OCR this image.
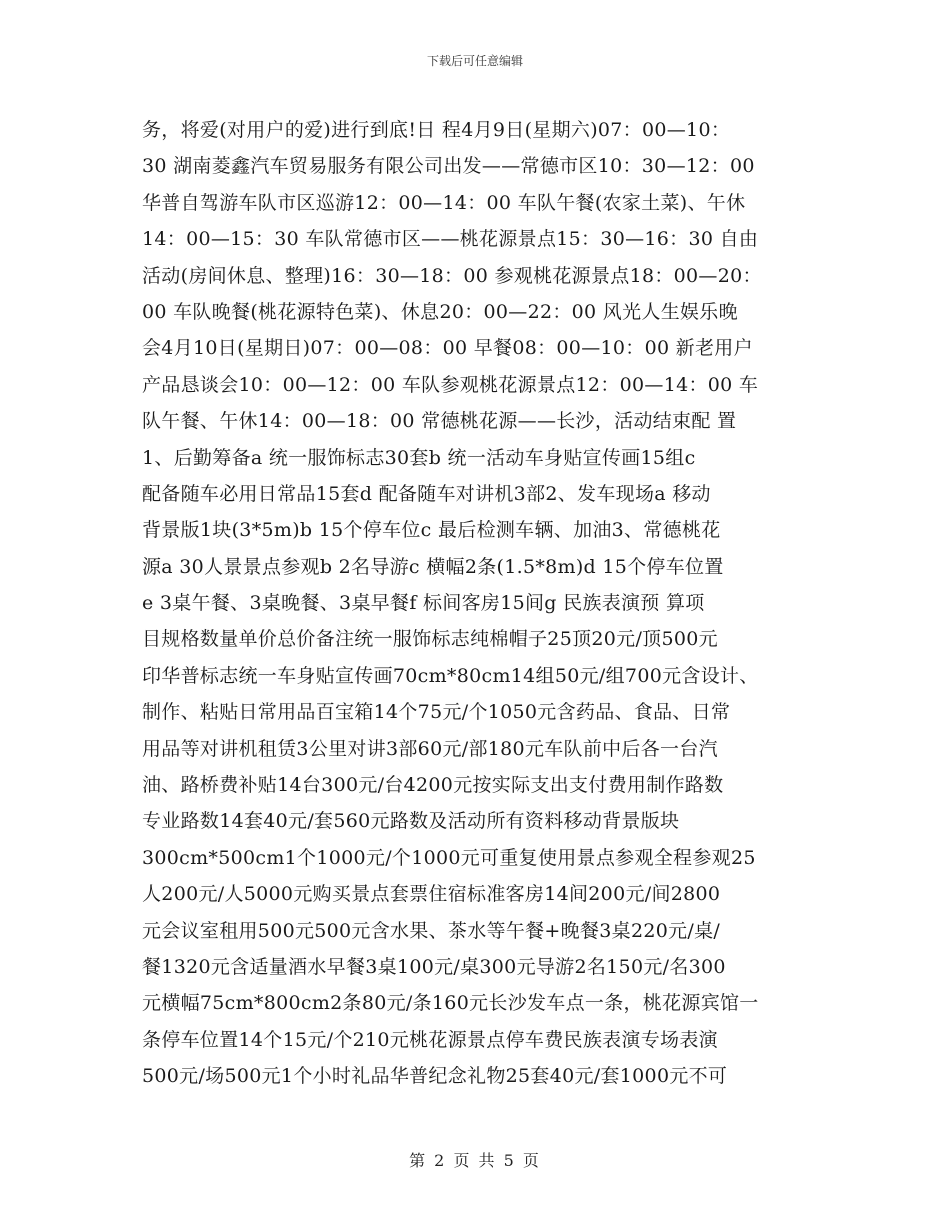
下载后可任意编辑
务，将爱(对用户的爱)进行到底!日 程4月9日(星期六)07：00—10：
30 湖南菱鑫汽车贸易服务有限公司出发——常德市区10：30—12：00
华普自驾游车队市区巡游12：00—14：00 车队午餐(农家土菜)、午休
14：00—15：30 车队常德市区——桃花源景点15：30—16：30 自由
活动(房间休息、整理)16：30—18：00 参观桃花源景点18：00—20：
00 车队晚餐(桃花源特色菜)、休息20：00—22：00 风光人生娱乐晚
会4月10日(星期日)07：00—08：00 早餐08：00—10：00 新老用户
产品恳谈会10：00—12：00 车队参观桃花源景点12：00—14：00 车
队午餐、午休14：00—18：00 常德桃花源——长沙，活动结束配 置
1、后勤筹备a 统一服饰标志30套b 统一活动车身贴宣传画15组c
配备随车必用日常品15套d 配备随车对讲机3部2、发车现场a 移动
背景版1块(3*5m)b 15个停车位c 最后检测车辆、加油3、常德桃花
源a 30人景景点参观b 2名导游c 横幅2条(1.5*8m)d 15个停车位置
e 3桌午餐、3桌晚餐、3桌早餐f 标间客房15间g 民族表演预 算项
目规格数量单价总价备注统一服饰标志纯棉帽子25顶20元/顶500元
印华普标志统一车身贴宣传画70cm*80cm14组50元/组700元含设计、
制作、粘贴日常用品百宝箱14个75元/个1050元含药品、食品、日常
用品等对讲机租赁3公里对讲3部60元/部180元车队前中后各一台汽
油、路桥费补贴14台300元/台4200元按实际支出支付费用制作路数
专业路数14套40元/套560元路数及活动所有资料移动背景版块
300cm*500cm1个1000元/个1000元可重复使用景点参观全程参观25
人200元/人5000元购买景点套票住宿标准客房14间200元/间2800
元会议室租用500元500元含水果、茶水等午餐+晚餐3桌220元/桌/
餐1320元含适量酒水早餐3桌100元/桌300元导游2名150元/名300
元横幅75cm*800cm2条80元/条160元长沙发车点一条，桃花源宾馆一
条停车位置14个15元/个210元桃花源景点停车费民族表演专场表演
500元/场500元1个小时礼品华普纪念礼物25套40元/套1000元不可
第 2 页 共 5 页
